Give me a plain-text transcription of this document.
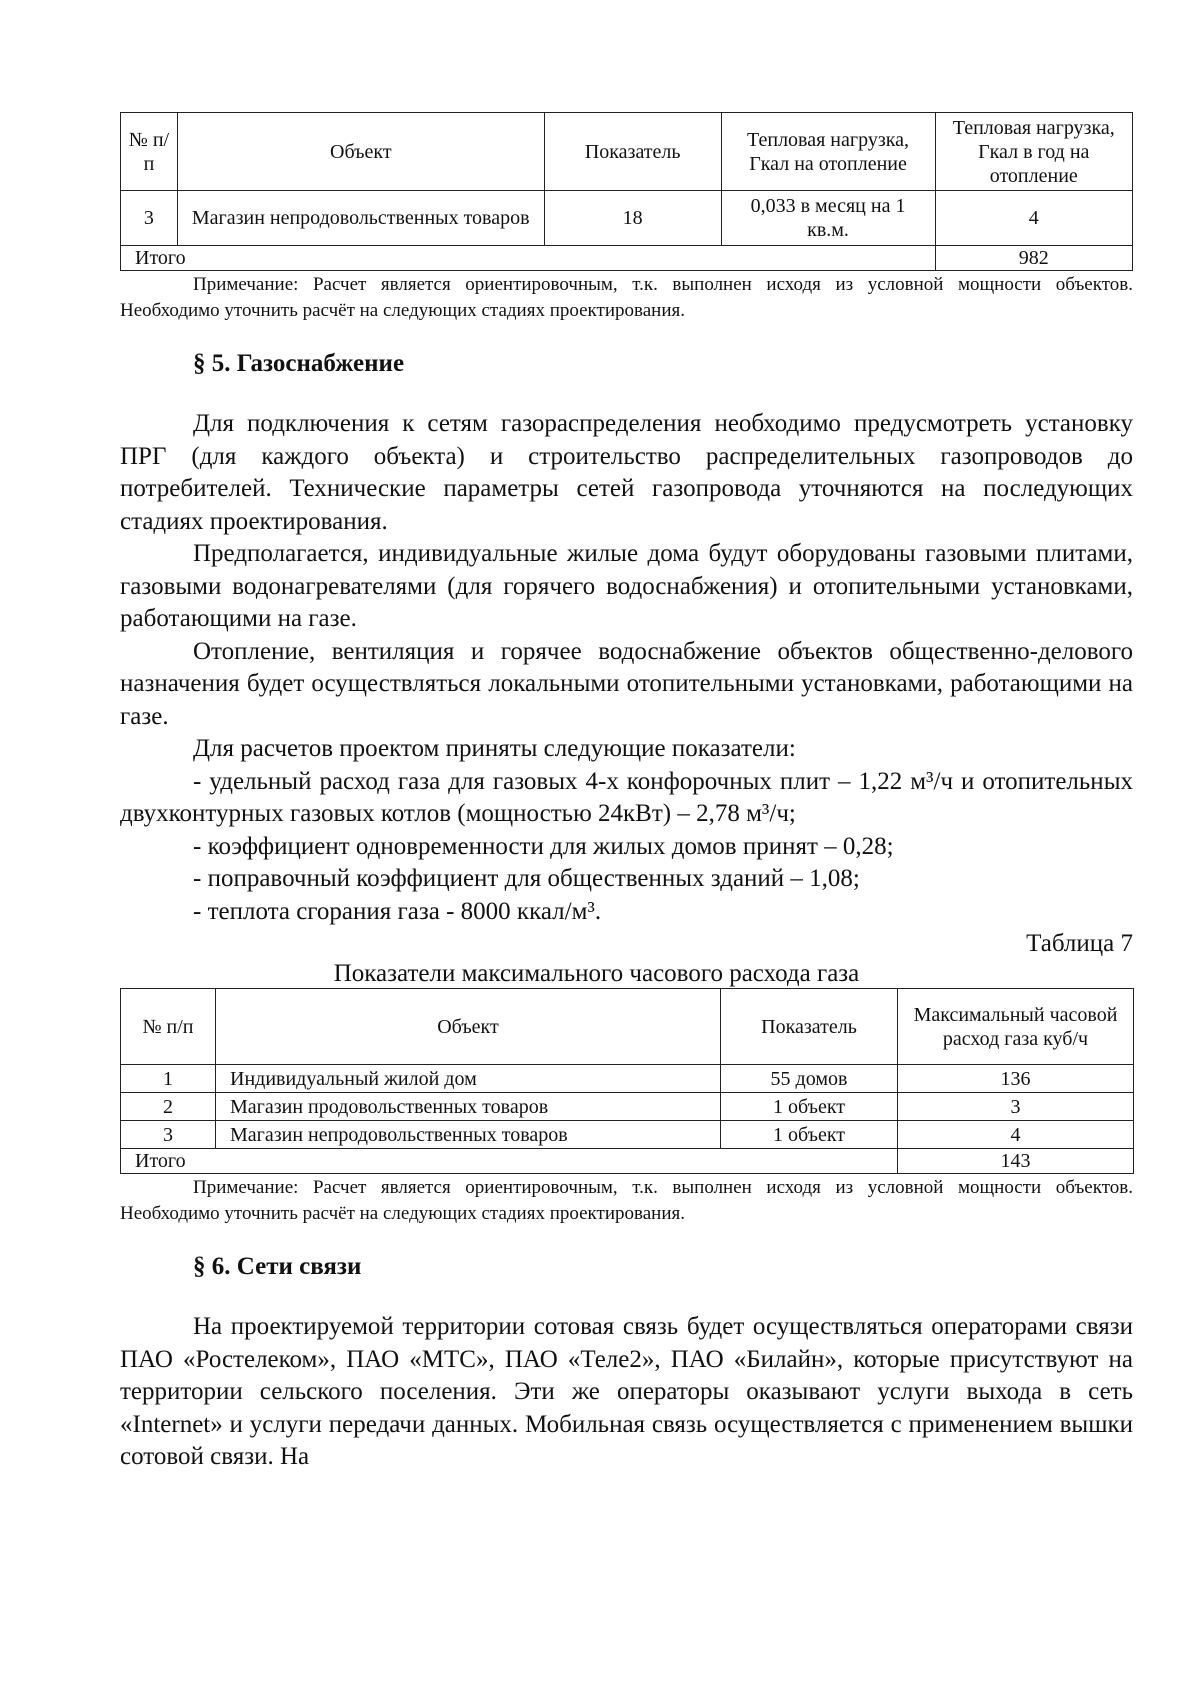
№ п/ п	Объект	Показатель	Тепловая нагрузка, Гкал на отопление	Тепловая нагрузка, Гкал в год на отопление
3	Магазин непродовольственных товаров	18	0,033 в месяц на 1 кв.м.	4
Итого				982

Примечание: Расчет является ориентировочным, т.к. выполнен исходя из условной мощности объектов. Необходимо уточнить расчёт на следующих стадиях проектирования.

§ 5. Газоснабжение

Для подключения к сетям газораспределения необходимо предусмотреть установку ПРГ (для каждого объекта) и строительство распределительных газопроводов до потребителей. Технические параметры сетей газопровода уточняются на последующих стадиях проектирования.

Предполагается, индивидуальные жилые дома будут оборудованы газовыми плитами, газовыми водонагревателями (для горячего водоснабжения) и отопительными установками, работающими на газе.

Отопление, вентиляция и горячее водоснабжение объектов общественно-делового назначения будет осуществляться локальными отопительными установками, работающими на газе.

Для расчетов проектом приняты следующие показатели:

- удельный расход газа для газовых 4-х конфорочных плит – 1,22 м³/ч и отопительных двухконтурных газовых котлов (мощностью 24кВт) – 2,78 м³/ч;

- коэффициент одновременности для жилых домов принят – 0,28;

- поправочный коэффициент для общественных зданий – 1,08;

- теплота сгорания газа - 8000 ккал/м³.

Таблица 7

Показатели максимального часового расхода газа

№ п/п	Объект	Показатель	Максимальный часовой расход газа куб/ч
1	Индивидуальный жилой дом	55 домов	136
2	Магазин продовольственных товаров	1 объект	3
3	Магазин непродовольственных товаров	1 объект	4
Итого			143

Примечание: Расчет является ориентировочным, т.к. выполнен исходя из условной мощности объектов. Необходимо уточнить расчёт на следующих стадиях проектирования.

§ 6. Сети связи

На проектируемой территории сотовая связь будет осуществляться операторами связи ПАО «Ростелеком», ПАО «МТС», ПАО «Теле2», ПАО «Билайн», которые присутствуют на территории сельского поселения. Эти же операторы оказывают услуги выхода в сеть «Internet» и услуги передачи данных. Мобильная связь осуществляется с применением вышки сотовой связи. На
